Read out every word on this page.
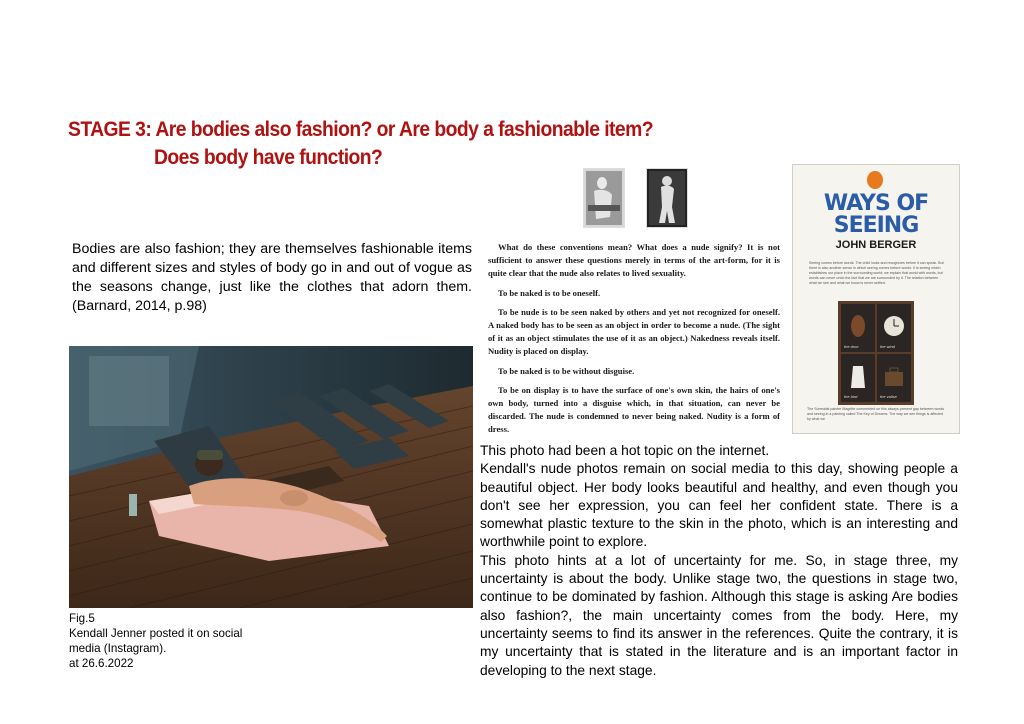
STAGE 3: Are bodies also fashion? or Are body a fashionable item?
Does body have function?
Bodies are also fashion; they are themselves fashionable items and different sizes and styles of body go in and out of vogue as the seasons change, just like the clothes that adorn them.(Barnard, 2014, p.98)
Fig.5
Kendall Jenner posted it on social
media (Instagram).
at 26.6.2022

What do these conventions mean? What does a nude signify? It is not sufficient to answer these questions merely in terms of the art-form, for it is quite clear that the nude also relates to lived sexuality.

To be naked is to be oneself.

To be nude is to be seen naked by others and yet not recognized for oneself. A naked body has to be seen as an object in order to become a nude. (The sight of it as an object stimulates the use of it as an object.) Nakedness reveals itself. Nudity is placed on display.

To be naked is to be without disguise.

To be on display is to have the surface of one's own skin, the hairs of one's own body, turned into a disguise which, in that situation, can never be discarded. The nude is condemned to never being naked. Nudity is a form of dress.

WAYS OF
SEEING
JOHN BERGER
Seeing comes before words. The child looks and recognizes before it can speak. But there is also another sense in which seeing comes before words. It is seeing which establishes our place in the surrounding world; we explain that world with words, but words can never undo the fact that we are surrounded by it. The relation between what we see and what we know is never settled.
the door	the wind
the bird	the valise
The Surrealist painter Magritte commented on this always-present gap between words and seeing in a painting called The Key of Dreams. The way we see things is affected by what we

This photo had been a hot topic on the internet.

Kendall's nude photos remain on social media to this day, showing people a beautiful object. Her body looks beautiful and healthy, and even though you don't see her expression, you can feel her confident state. There is a somewhat plastic texture to the skin in the photo, which is an interesting and worthwhile point to explore.

This photo hints at a lot of uncertainty for me. So, in stage three, my uncertainty is about the body. Unlike stage two, the questions in stage two, continue to be dominated by fashion. Although this stage is asking Are bodies also fashion?, the main uncertainty comes from the body. Here, my uncertainty seems to find its answer in the references. Quite the contrary, it is my uncertainty that is stated in the literature and is an important factor in developing to the next stage.
